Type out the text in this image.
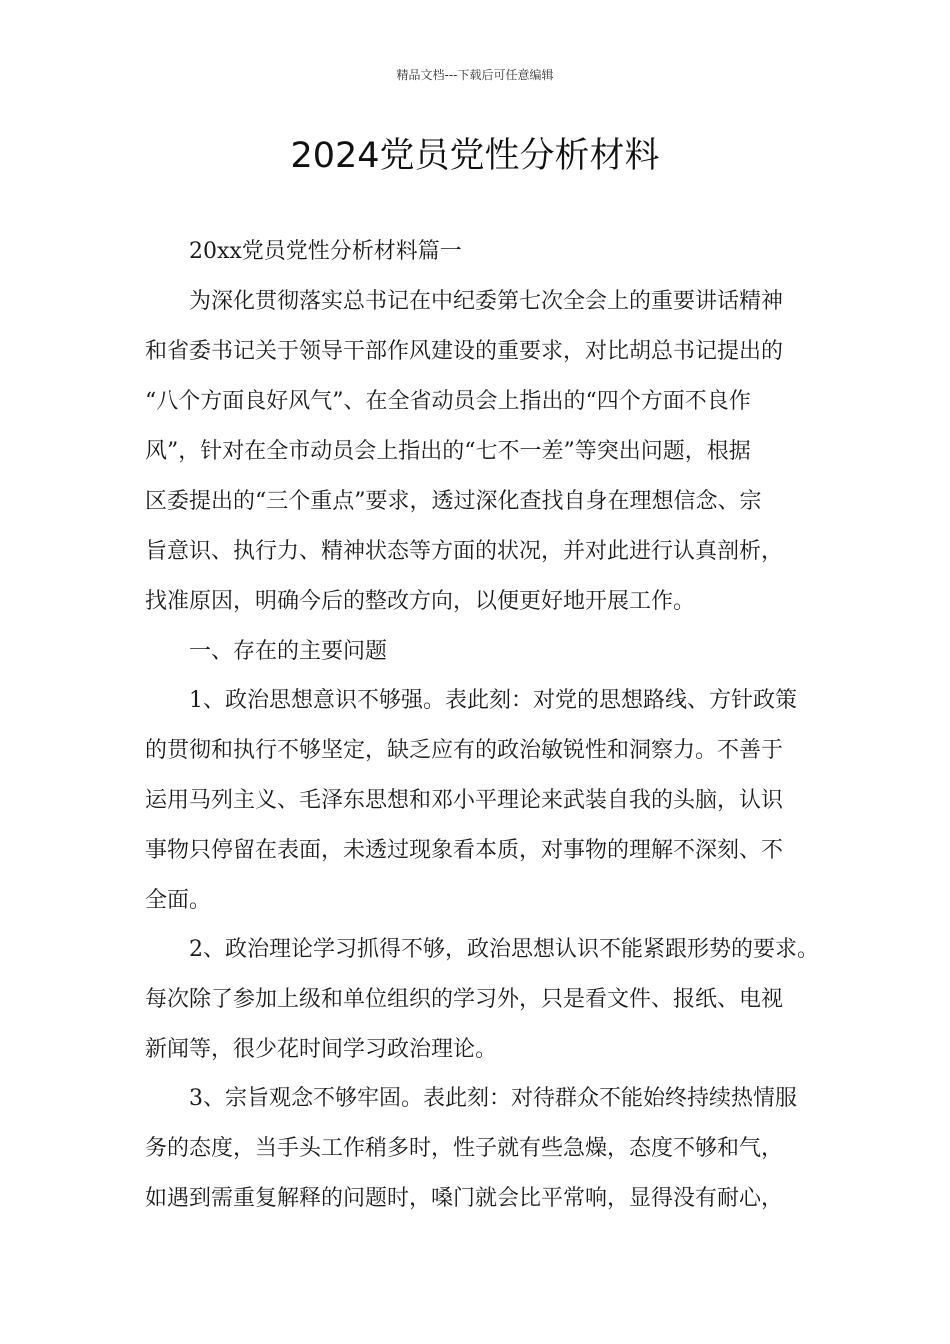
精品文档---下载后可任意编辑
2024党员党性分析材料
20xx党员党性分析材料篇一
为深化贯彻落实总书记在中纪委第七次全会上的重要讲话精神
和省委书记关于领导干部作风建设的重要求，对比胡总书记提出的
“八个方面良好风气”、在全省动员会上指出的“四个方面不良作
风”，针对在全市动员会上指出的“七不一差”等突出问题，根据
区委提出的“三个重点”要求，透过深化查找自身在理想信念、宗
旨意识、执行力、精神状态等方面的状况，并对此进行认真剖析，
找准原因，明确今后的整改方向，以便更好地开展工作。
一、存在的主要问题
1、政治思想意识不够强。表此刻：对党的思想路线、方针政策
的贯彻和执行不够坚定，缺乏应有的政治敏锐性和洞察力。不善于
运用马列主义、毛泽东思想和邓小平理论来武装自我的头脑，认识
事物只停留在表面，未透过现象看本质，对事物的理解不深刻、不
全面。
2、政治理论学习抓得不够，政治思想认识不能紧跟形势的要求。
每次除了参加上级和单位组织的学习外，只是看文件、报纸、电视
新闻等，很少花时间学习政治理论。
3、宗旨观念不够牢固。表此刻：对待群众不能始终持续热情服
务的态度，当手头工作稍多时，性子就有些急燥，态度不够和气，
如遇到需重复解释的问题时，嗓门就会比平常响，显得没有耐心，
